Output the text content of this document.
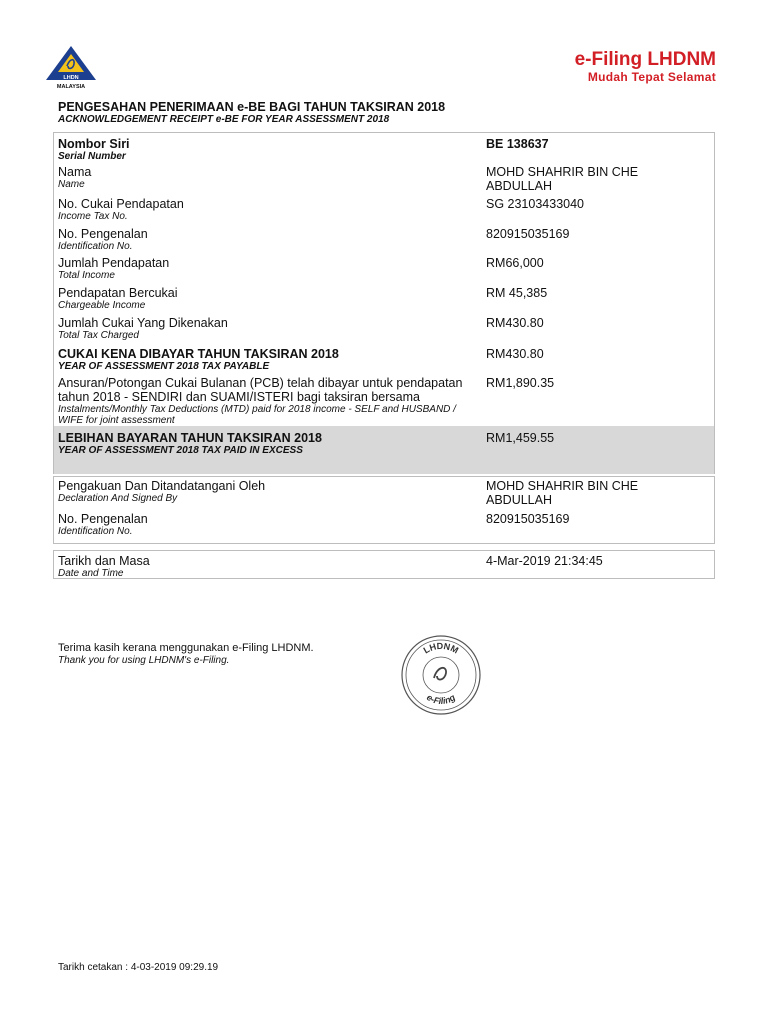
LHDN
MALAYSIA
e-Filing LHDNM
Mudah Tepat Selamat
PENGESAHAN PENERIMAAN e-BE BAGI TAHUN TAKSIRAN 2018
ACKNOWLEDGEMENT RECEIPT e-BE FOR YEAR ASSESSMENT 2018
Nombor Siri
Serial Number
BE 138637
Nama
Name
MOHD SHAHRIR BIN CHE ABDULLAH
No. Cukai Pendapatan
Income Tax No.
SG 23103433040
No. Pengenalan
Identification No.
820915035169
Jumlah Pendapatan
Total Income
RM66,000
Pendapatan Bercukai
Chargeable Income
RM 45,385
Jumlah Cukai Yang Dikenakan
Total Tax Charged
RM430.80
CUKAI KENA DIBAYAR TAHUN TAKSIRAN 2018
YEAR OF ASSESSMENT 2018 TAX PAYABLE
RM430.80
Ansuran/Potongan Cukai Bulanan (PCB) telah dibayar untuk pendapatan tahun 2018 - SENDIRI dan SUAMI/ISTERI bagi taksiran bersama
Instalments/Monthly Tax Deductions (MTD) paid for 2018 income - SELF and HUSBAND / WIFE for joint assessment
RM1,890.35
LEBIHAN BAYARAN TAHUN TAKSIRAN 2018
YEAR OF ASSESSMENT 2018 TAX PAID IN EXCESS
RM1,459.55
Pengakuan Dan Ditandatangani Oleh
Declaration And Signed By
MOHD SHAHRIR BIN CHE ABDULLAH
No. Pengenalan
Identification No.
820915035169
Tarikh dan Masa
Date and Time
4-Mar-2019 21:34:45
Terima kasih kerana menggunakan e-Filing LHDNM.
Thank you for using LHDNM's e-Filing.
LHDNM
e-Filing
Tarikh cetakan : 4-03-2019 09:29.19
